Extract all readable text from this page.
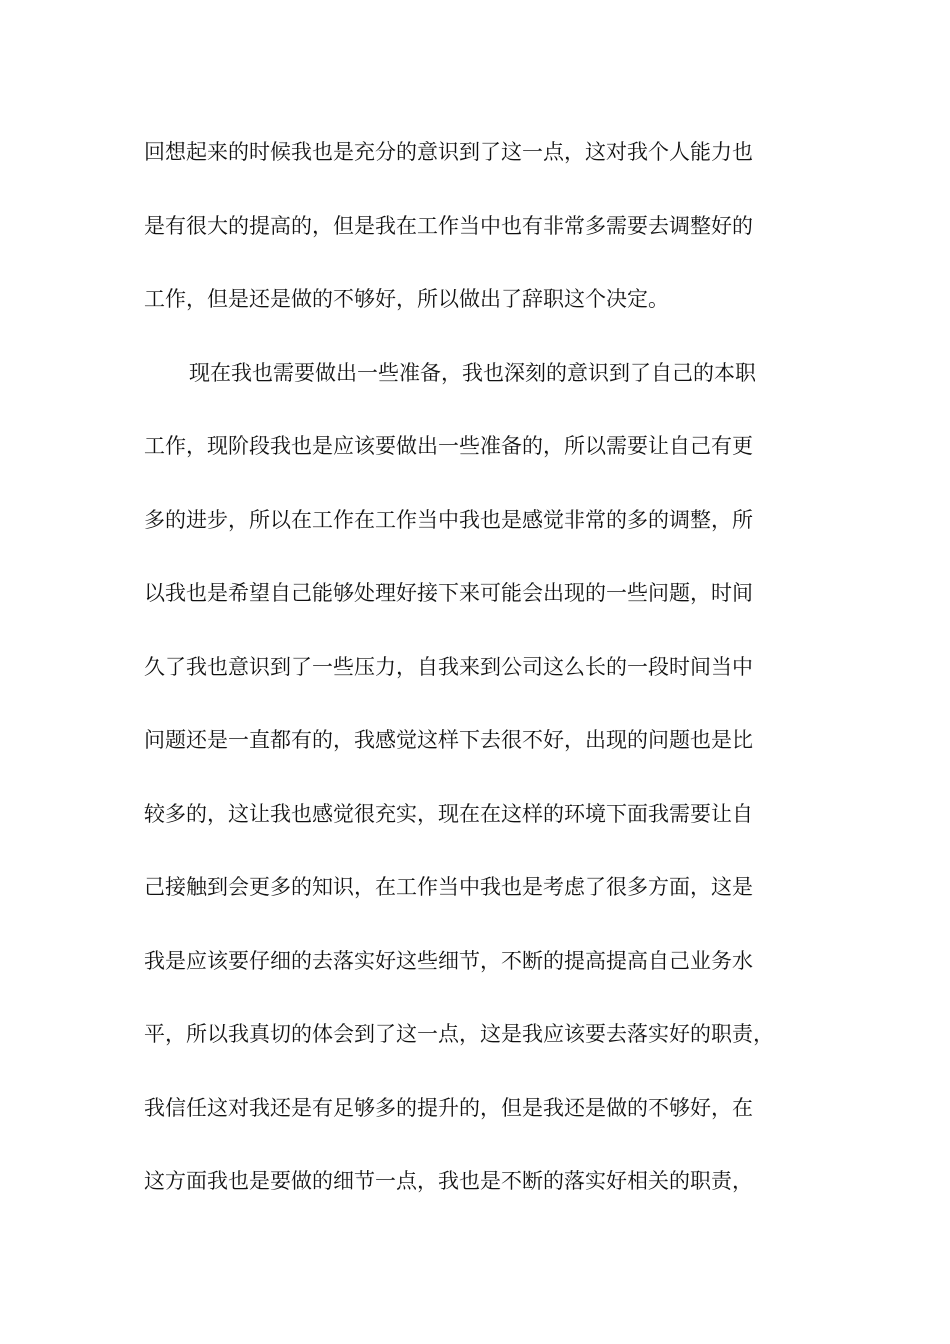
回想起来的时候我也是充分的意识到了这一点，这对我个人能力也
是有很大的提高的，但是我在工作当中也有非常多需要去调整好的
工作，但是还是做的不够好，所以做出了辞职这个决定。
现在我也需要做出一些准备，我也深刻的意识到了自己的本职
工作，现阶段我也是应该要做出一些准备的，所以需要让自己有更
多的进步，所以在工作在工作当中我也是感觉非常的多的调整，所
以我也是希望自己能够处理好接下来可能会出现的一些问题，时间
久了我也意识到了一些压力，自我来到公司这么长的一段时间当中
问题还是一直都有的，我感觉这样下去很不好，出现的问题也是比
较多的，这让我也感觉很充实，现在在这样的环境下面我需要让自
己接触到会更多的知识，在工作当中我也是考虑了很多方面，这是
我是应该要仔细的去落实好这些细节，不断的提高提高自己业务水
平，所以我真切的体会到了这一点，这是我应该要去落实好的职责，
我信任这对我还是有足够多的提升的，但是我还是做的不够好，在
这方面我也是要做的细节一点，我也是不断的落实好相关的职责，
